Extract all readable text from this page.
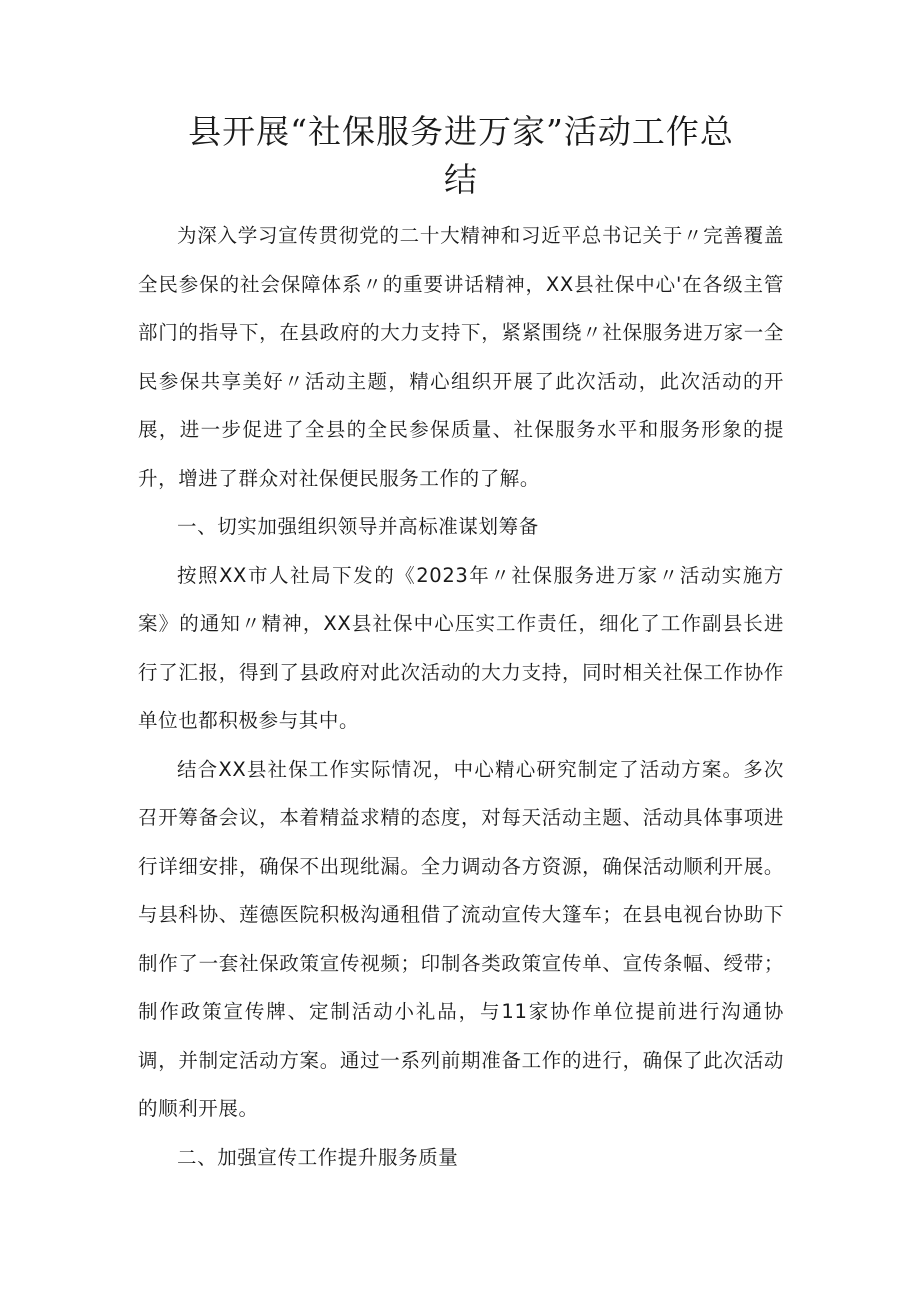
县开展“社保服务进万家”活动工作总
结

为深入学习宣传贯彻党的二十大精神和习近平总书记关于〃完善覆盖全民参保的社会保障体系〃的重要讲话精神，XX县社保中心'在各级主管部门的指导下，在县政府的大力支持下，紧紧围绕〃社保服务进万家一全民参保共享美好〃活动主题，精心组织开展了此次活动，此次活动的开展，进一步促进了全县的全民参保质量、社保服务水平和服务形象的提升，增进了群众对社保便民服务工作的了解。

一、切实加强组织领导并高标准谋划筹备

按照XX市人社局下发的《2023年〃社保服务进万家〃活动实施方案》的通知〃精神，XX县社保中心压实工作责任，细化了工作副县长进行了汇报，得到了县政府对此次活动的大力支持，同时相关社保工作协作单位也都积极参与其中。

结合XX县社保工作实际情况，中心精心研究制定了活动方案。多次召开筹备会议，本着精益求精的态度，对每天活动主题、活动具体事项进行详细安排，确保不出现纰漏。全力调动各方资源，确保活动顺利开展。与县科协、莲德医院积极沟通租借了流动宣传大篷车；在县电视台协助下制作了一套社保政策宣传视频；印制各类政策宣传单、宣传条幅、绶带；制作政策宣传牌、定制活动小礼品，与11家协作单位提前进行沟通协调，并制定活动方案。通过一系列前期准备工作的进行，确保了此次活动的顺利开展。

二、加强宣传工作提升服务质量
